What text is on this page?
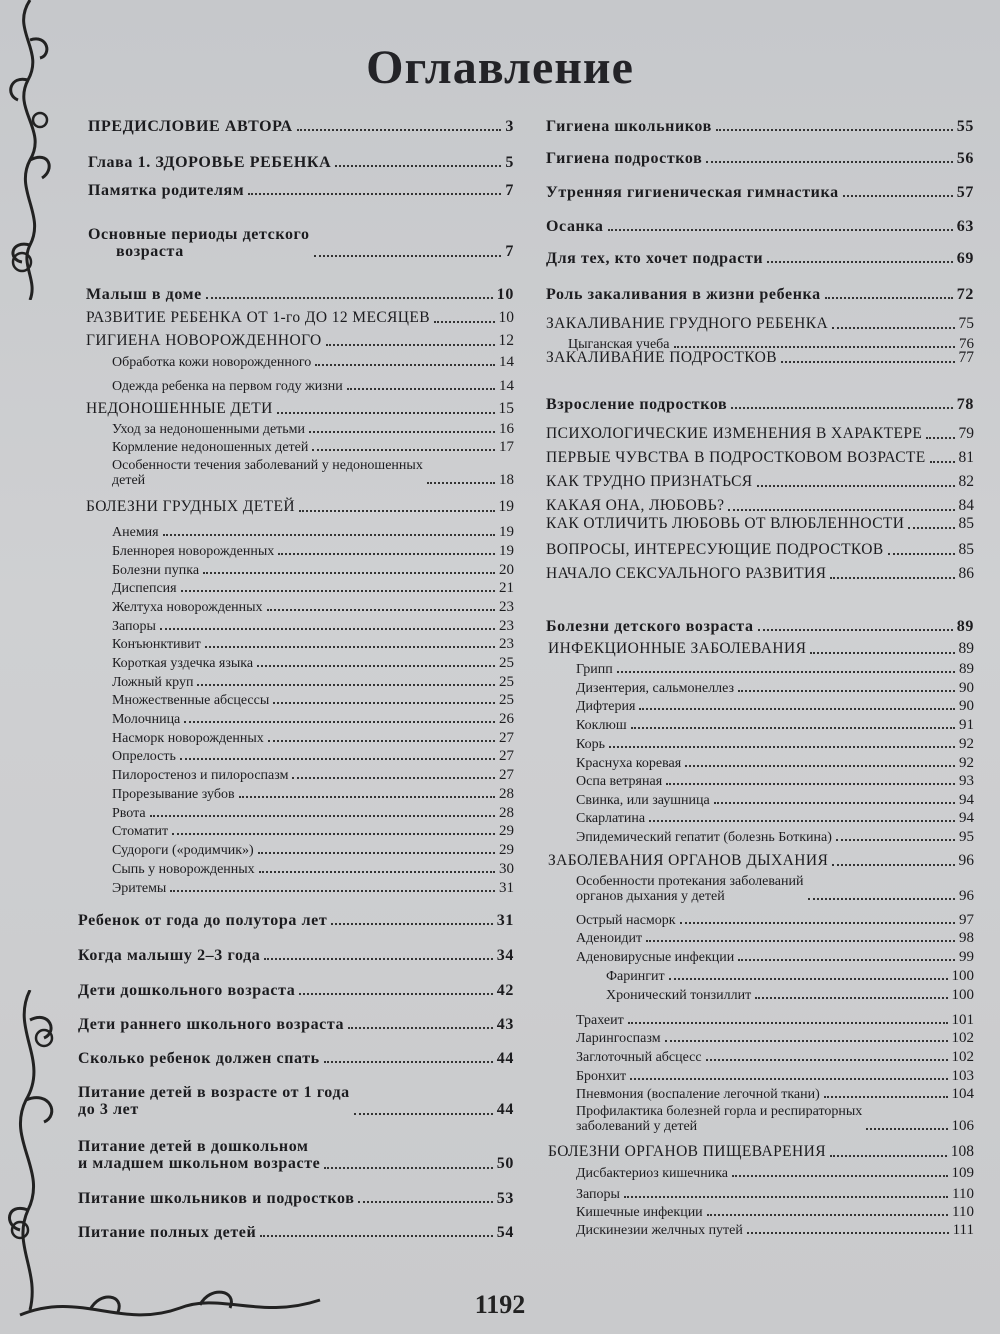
Оглавление
ПРЕДИСЛОВИЕ АВТОРА	3
Глава 1. ЗДОРОВЬЕ РЕБЕНКА	5
Памятка родителям	7
Основные периоды детского
возраста	7
Малыш в доме	10
РАЗВИТИЕ РЕБЕНКА ОТ 1-го ДО 12 МЕСЯЦЕВ	10
ГИГИЕНА НОВОРОЖДЕННОГО	12
Обработка кожи новорожденного	14
Одежда ребенка на первом году жизни	14
НЕДОНОШЕННЫЕ ДЕТИ	15
Уход за недоношенными детьми	16
Кормление недоношенных детей	17
Особенности течения заболеваний у недоношенных
детей	18
БОЛЕЗНИ ГРУДНЫХ ДЕТЕЙ	19
Анемия	19
Бленнорея новорожденных	19
Болезни пупка	20
Диспепсия	21
Желтуха новорожденных	23
Запоры	23
Конъюнктивит	23
Короткая уздечка языка	25
Ложный круп	25
Множественные абсцессы	25
Молочница	26
Насморк новорожденных	27
Опрелость	27
Пилоростеноз и пилороспазм	27
Прорезывание зубов	28
Рвота	28
Стоматит	29
Судороги («родимчик»)	29
Сыпь у новорожденных	30
Эритемы	31
Ребенок от года до полутора лет	31
Когда малышу 2–3 года	34
Дети дошкольного возраста	42
Дети раннего школьного возраста	43
Сколько ребенок должен спать	44
Питание детей в возрасте от 1 года
до 3 лет	44
Питание детей в дошкольном
и младшем школьном возрасте	50
Питание школьников и подростков	53
Питание полных детей	54
Гигиена школьников	55
Гигиена подростков	56
Утренняя гигиеническая гимнастика	57
Осанка	63
Для тех, кто хочет подрасти	69
Роль закаливания в жизни ребенка	72
ЗАКАЛИВАНИЕ ГРУДНОГО РЕБЕНКА	75
Цыганская учеба	76
ЗАКАЛИВАНИЕ ПОДРОСТКОВ	77
Взросление подростков	78
ПСИХОЛОГИЧЕСКИЕ ИЗМЕНЕНИЯ В ХАРАКТЕРЕ 79
ПЕРВЫЕ ЧУВСТВА В ПОДРОСТКОВОМ ВОЗРАСТЕ 81
КАК ТРУДНО ПРИЗНАТЬСЯ	82
КАКАЯ ОНА, ЛЮБОВЬ?	84
КАК ОТЛИЧИТЬ ЛЮБОВЬ ОТ ВЛЮБЛЕННОСТИ	85
ВОПРОСЫ, ИНТЕРЕСУЮЩИЕ ПОДРОСТКОВ	85
НАЧАЛО СЕКСУАЛЬНОГО РАЗВИТИЯ	86
Болезни детского возраста	89
ИНФЕКЦИОННЫЕ ЗАБОЛЕВАНИЯ	89
Грипп	89
Дизентерия, сальмонеллез	90
Дифтерия	90
Коклюш	91
Корь	92
Краснуха коревая	92
Оспа ветряная	93
Свинка, или заушница	94
Скарлатина	94
Эпидемический гепатит (болезнь Боткина)	95
ЗАБОЛЕВАНИЯ ОРГАНОВ ДЫХАНИЯ	96
Особенности протекания заболеваний
органов дыхания у детей	96
Острый насморк	97
Аденоидит	98
Аденовирусные инфекции	99
Фарингит	100
Хронический тонзиллит	100
Трахеит	101
Ларингоспазм	102
Заглоточный абсцесс	102
Бронхит	103
Пневмония (воспаление легочной ткани)	104
Профилактика болезней горла и респираторных
заболеваний у детей	106
БОЛЕЗНИ ОРГАНОВ ПИЩЕВАРЕНИЯ	108
Дисбактериоз кишечника	109
Запоры	110
Кишечные инфекции	110
Дискинезии желчных путей	111
1192
